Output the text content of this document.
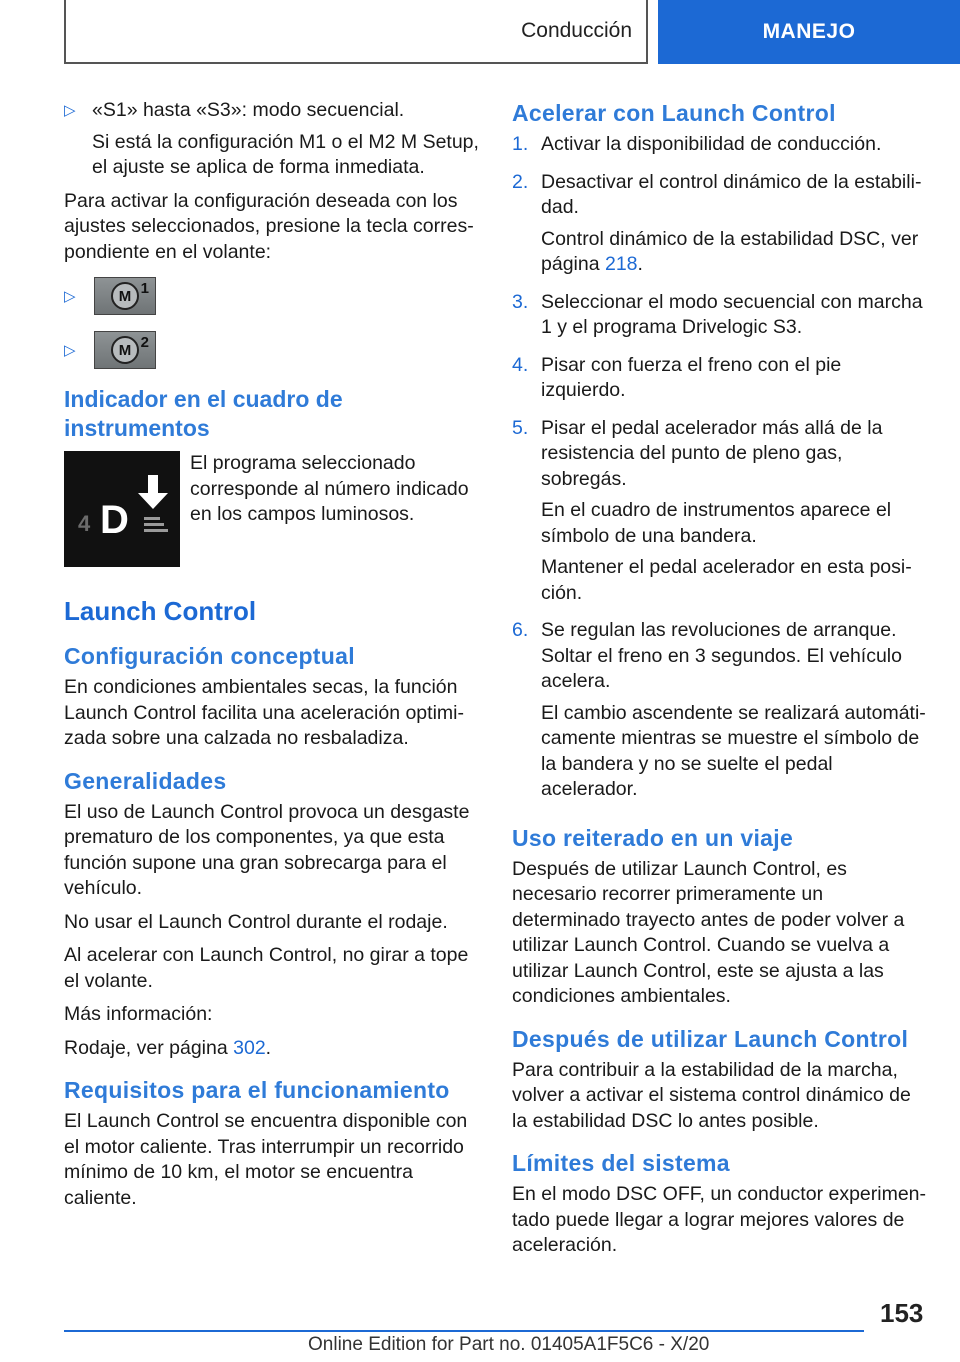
Conducción	MANEJO
▷ «S1» hasta «S3»: modo secuencial.

Si está la configuración M1 o el M2 M Setup, el ajuste se aplica de forma inmediata.

Para activar la configuración deseada con los ajustes seleccionados, presione la tecla correspondiente en el volante:

▷	M 1
▷	M 2
Indicador en el cuadro de instrumentos
4 D
El programa seleccionado corresponde al número indicado en los campos luminosos.
Launch Control
Configuración conceptual

En condiciones ambientales secas, la función Launch Control facilita una aceleración optimizada sobre una calzada no resbaladiza.

Generalidades

El uso de Launch Control provoca un desgaste prematuro de los componentes, ya que esta función supone una gran sobrecarga para el vehículo.

No usar el Launch Control durante el rodaje.

Al acelerar con Launch Control, no girar a tope el volante.

Más información:

Rodaje, ver página 302.

Requisitos para el funcionamiento

El Launch Control se encuentra disponible con el motor caliente. Tras interrumpir un recorrido mínimo de 10 km, el motor se encuentra caliente.

Acelerar con Launch Control
1. Activar la disponibilidad de conducción.

2. Desactivar el control dinámico de la estabilidad.

Control dinámico de la estabilidad DSC, ver página 218.

3. Seleccionar el modo secuencial con marcha 1 y el programa Drivelogic S3.

4. Pisar con fuerza el freno con el pie izquierdo.

5. Pisar el pedal acelerador más allá de la resistencia del punto de pleno gas, sobregás.

En el cuadro de instrumentos aparece el símbolo de una bandera.

Mantener el pedal acelerador en esta posición.

6. Se regulan las revoluciones de arranque. Soltar el freno en 3 segundos. El vehículo acelera.

El cambio ascendente se realizará automáticamente mientras se muestre el símbolo de la bandera y no se suelte el pedal acelerador.

Uso reiterado en un viaje

Después de utilizar Launch Control, es necesario recorrer primeramente un determinado trayecto antes de poder volver a utilizar Launch Control. Cuando se vuelva a utilizar Launch Control, este se ajusta a las condiciones ambientales.

Después de utilizar Launch Control

Para contribuir a la estabilidad de la marcha, volver a activar el sistema control dinámico de la estabilidad DSC lo antes posible.

Límites del sistema

En el modo DSC OFF, un conductor experimentado puede llegar a lograr mejores valores de aceleración.

153
Online Edition for Part no. 01405A1F5C6 - X/20
